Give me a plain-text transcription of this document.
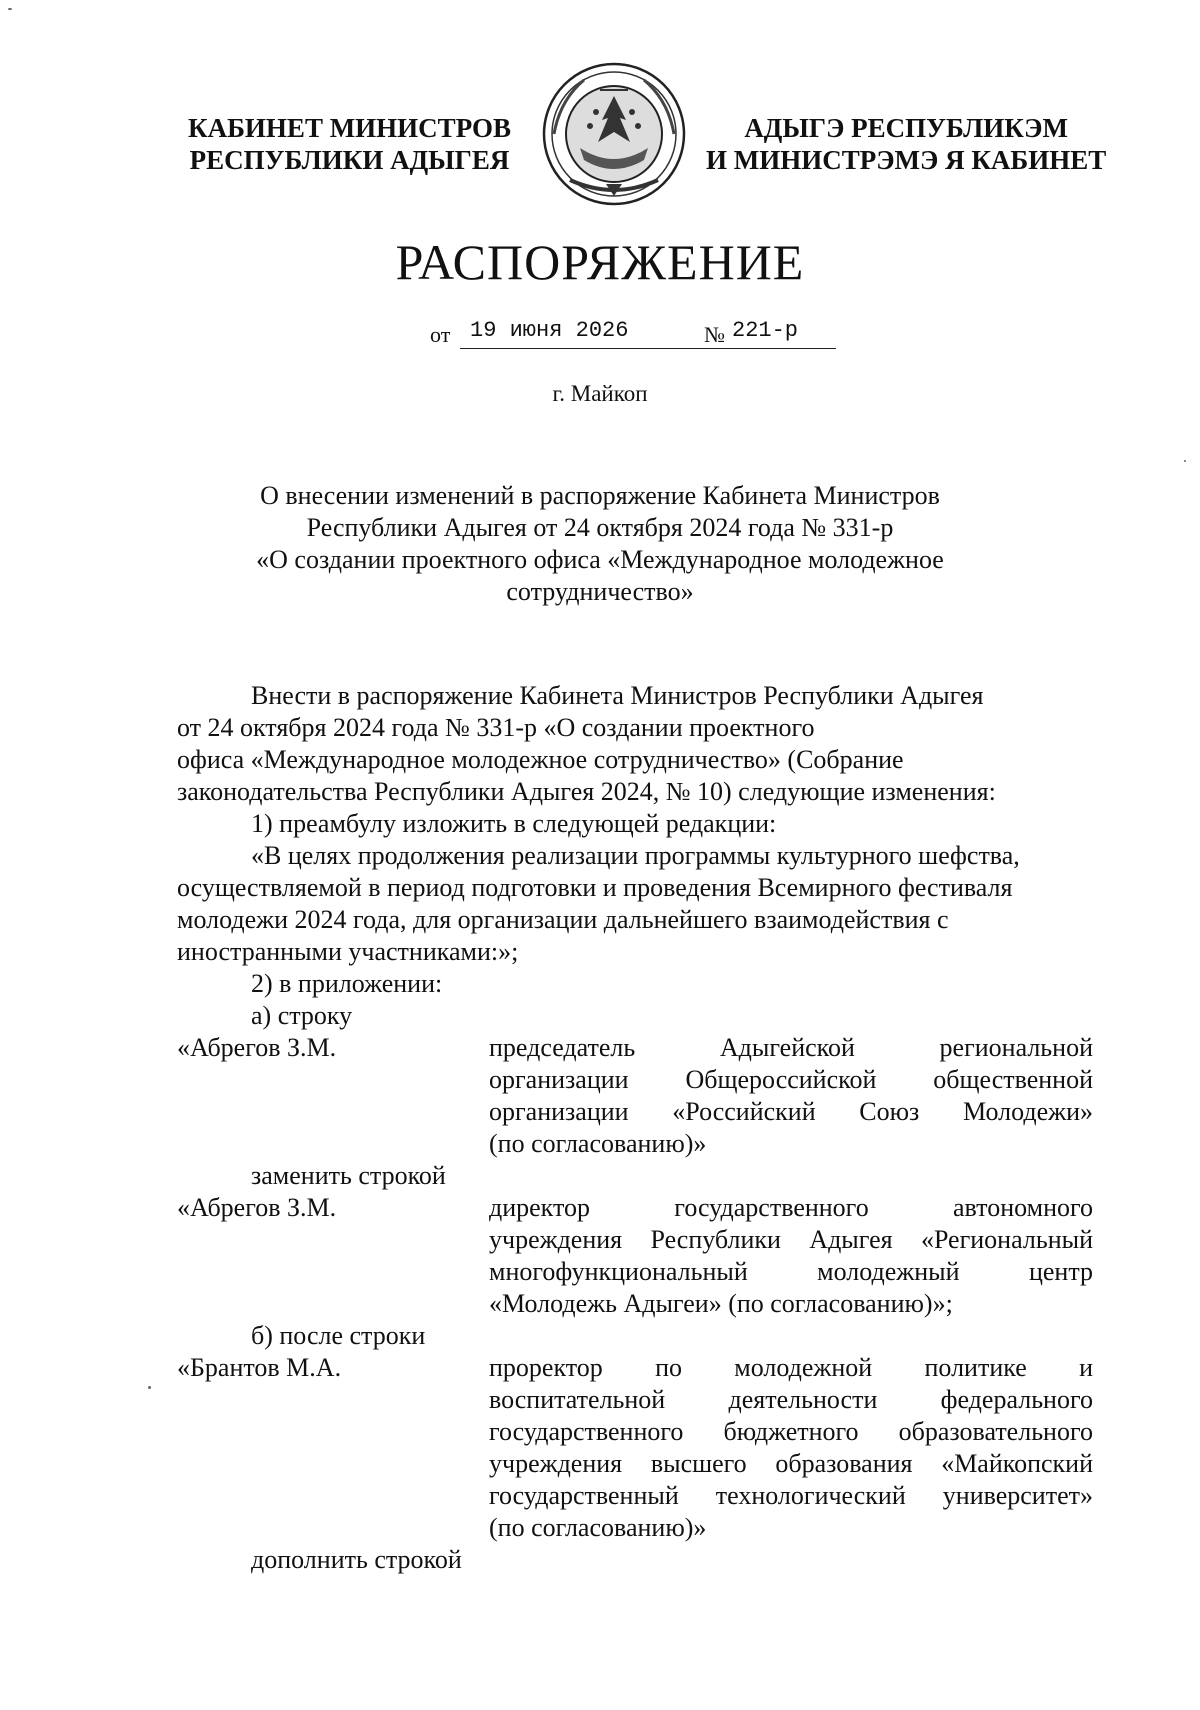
КАБИНЕТ МИНИСТРОВ
РЕСПУБЛИКИ АДЫГЕЯ
АДЫГЭ РЕСПУБЛИКЭМ
И МИНИСТРЭМЭ Я КАБИНЕТ
РАСПОРЯЖЕНИЕ
от 19 июня 2026	№ 221-р
г. Майкоп
О внесении изменений в распоряжение Кабинета Министров
Республики Адыгея от 24 октября 2024 года № 331-р
«О создании проектного офиса «Международное молодежное
сотрудничество»

Внести в распоряжение Кабинета Министров Республики Адыгея

от 24 октября 2024 года № 331-р «О создании проектного

офиса «Международное молодежное сотрудничество» (Собрание

законодательства Республики Адыгея 2024, № 10) следующие изменения:

1) преамбулу изложить в следующей редакции:

«В целях продолжения реализации программы культурного шефства,

осуществляемой в период подготовки и проведения Всемирного фестиваля

молодежи 2024 года, для организации дальнейшего взаимодействия с

иностранными участниками:»;

2) в приложении:

а) строку

«Абрегов З.М.	председатель Адыгейской региональной
организации Общероссийской общественной
организации «Российский Союз Молодежи»
(по согласованию)»

заменить строкой

«Абрегов З.М.	директор государственного автономного
учреждения Республики Адыгея «Региональный
многофункциональный молодежный центр
«Молодежь Адыгеи» (по согласованию)»;

б) после строки

«Брантов М.А.	проректор по молодежной политике и
воспитательной деятельности федерального
государственного бюджетного образовательного
учреждения высшего образования «Майкопский
государственный технологический университет»
(по согласованию)»

дополнить строкой
